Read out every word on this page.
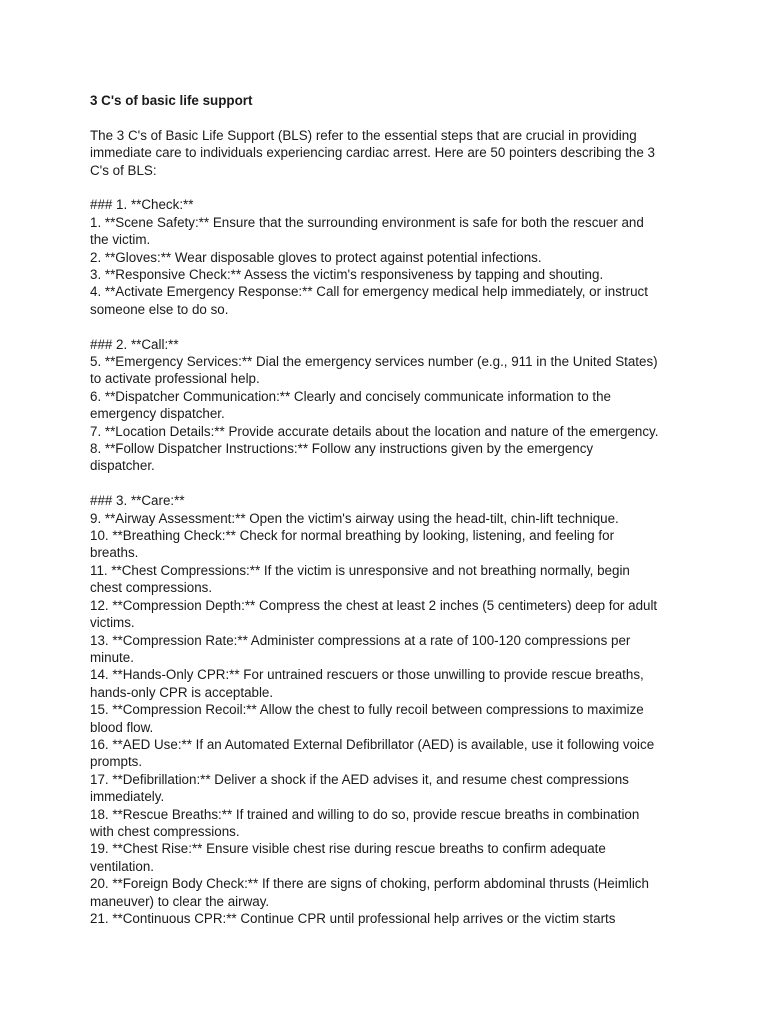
3 C's of basic life support
The 3 C's of Basic Life Support (BLS) refer to the essential steps that are crucial in providing
immediate care to individuals experiencing cardiac arrest. Here are 50 pointers describing the 3
C's of BLS:
### 1. **Check:**
1. **Scene Safety:** Ensure that the surrounding environment is safe for both the rescuer and
the victim.
2. **Gloves:** Wear disposable gloves to protect against potential infections.
3. **Responsive Check:** Assess the victim's responsiveness by tapping and shouting.
4. **Activate Emergency Response:** Call for emergency medical help immediately, or instruct
someone else to do so.
### 2. **Call:**
5. **Emergency Services:** Dial the emergency services number (e.g., 911 in the United States)
to activate professional help.
6. **Dispatcher Communication:** Clearly and concisely communicate information to the
emergency dispatcher.
7. **Location Details:** Provide accurate details about the location and nature of the emergency.
8. **Follow Dispatcher Instructions:** Follow any instructions given by the emergency
dispatcher.
### 3. **Care:**
9. **Airway Assessment:** Open the victim's airway using the head-tilt, chin-lift technique.
10. **Breathing Check:** Check for normal breathing by looking, listening, and feeling for
breaths.
11. **Chest Compressions:** If the victim is unresponsive and not breathing normally, begin
chest compressions.
12. **Compression Depth:** Compress the chest at least 2 inches (5 centimeters) deep for adult
victims.
13. **Compression Rate:** Administer compressions at a rate of 100-120 compressions per
minute.
14. **Hands-Only CPR:** For untrained rescuers or those unwilling to provide rescue breaths,
hands-only CPR is acceptable.
15. **Compression Recoil:** Allow the chest to fully recoil between compressions to maximize
blood flow.
16. **AED Use:** If an Automated External Defibrillator (AED) is available, use it following voice
prompts.
17. **Defibrillation:** Deliver a shock if the AED advises it, and resume chest compressions
immediately.
18. **Rescue Breaths:** If trained and willing to do so, provide rescue breaths in combination
with chest compressions.
19. **Chest Rise:** Ensure visible chest rise during rescue breaths to confirm adequate
ventilation.
20. **Foreign Body Check:** If there are signs of choking, perform abdominal thrusts (Heimlich
maneuver) to clear the airway.
21. **Continuous CPR:** Continue CPR until professional help arrives or the victim starts
